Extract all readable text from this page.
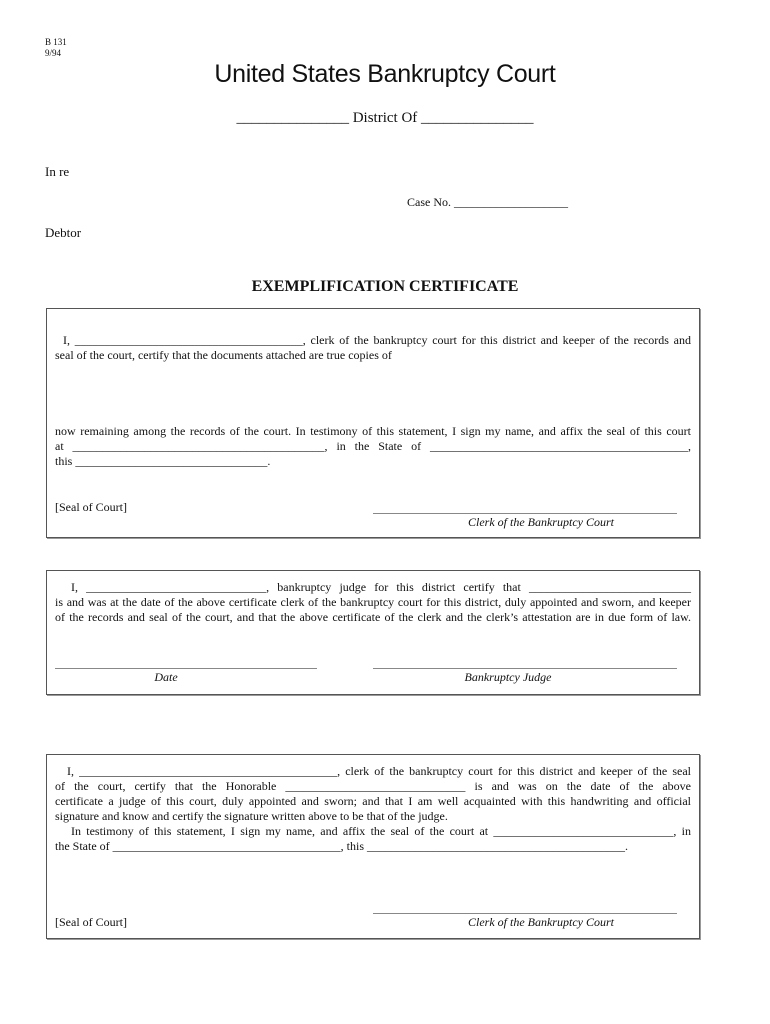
B 131
9/94
United States Bankruptcy Court
_______________ District Of _______________
In re
Case No. ___________________
Debtor
EXEMPLIFICATION CERTIFICATE
I, ______________________________________, clerk of the bankruptcy court for this district and keeper of the records and
seal of the court, certify that the documents attached are true copies of
now remaining among the records of the court. In testimony of this statement, I sign my name, and affix the seal of this court
at __________________________________________, in the State of ___________________________________________,
this ________________________________.
[Seal of Court]
Clerk of the Bankruptcy Court
I, ______________________________, bankruptcy judge for this district certify that ___________________________
is and was at the date of the above certificate clerk of the bankruptcy court for this district, duly appointed and sworn, and keeper
of the records and seal of the court, and that the above certificate of the clerk and the clerk’s attestation are in due form of law.
Date	Bankruptcy Judge
I, ___________________________________________, clerk of the bankruptcy court for this district and keeper of the seal
of the court, certify that the Honorable ______________________________ is and was on the date of the above
certificate a judge of this court, duly appointed and sworn; and that I am well acquainted with this handwriting and official
signature and know and certify the signature written above to be that of the judge.
In testimony of this statement, I sign my name, and affix the seal of the court at ______________________________, in
the State of ______________________________________, this ___________________________________________.
[Seal of Court]	Clerk of the Bankruptcy Court
